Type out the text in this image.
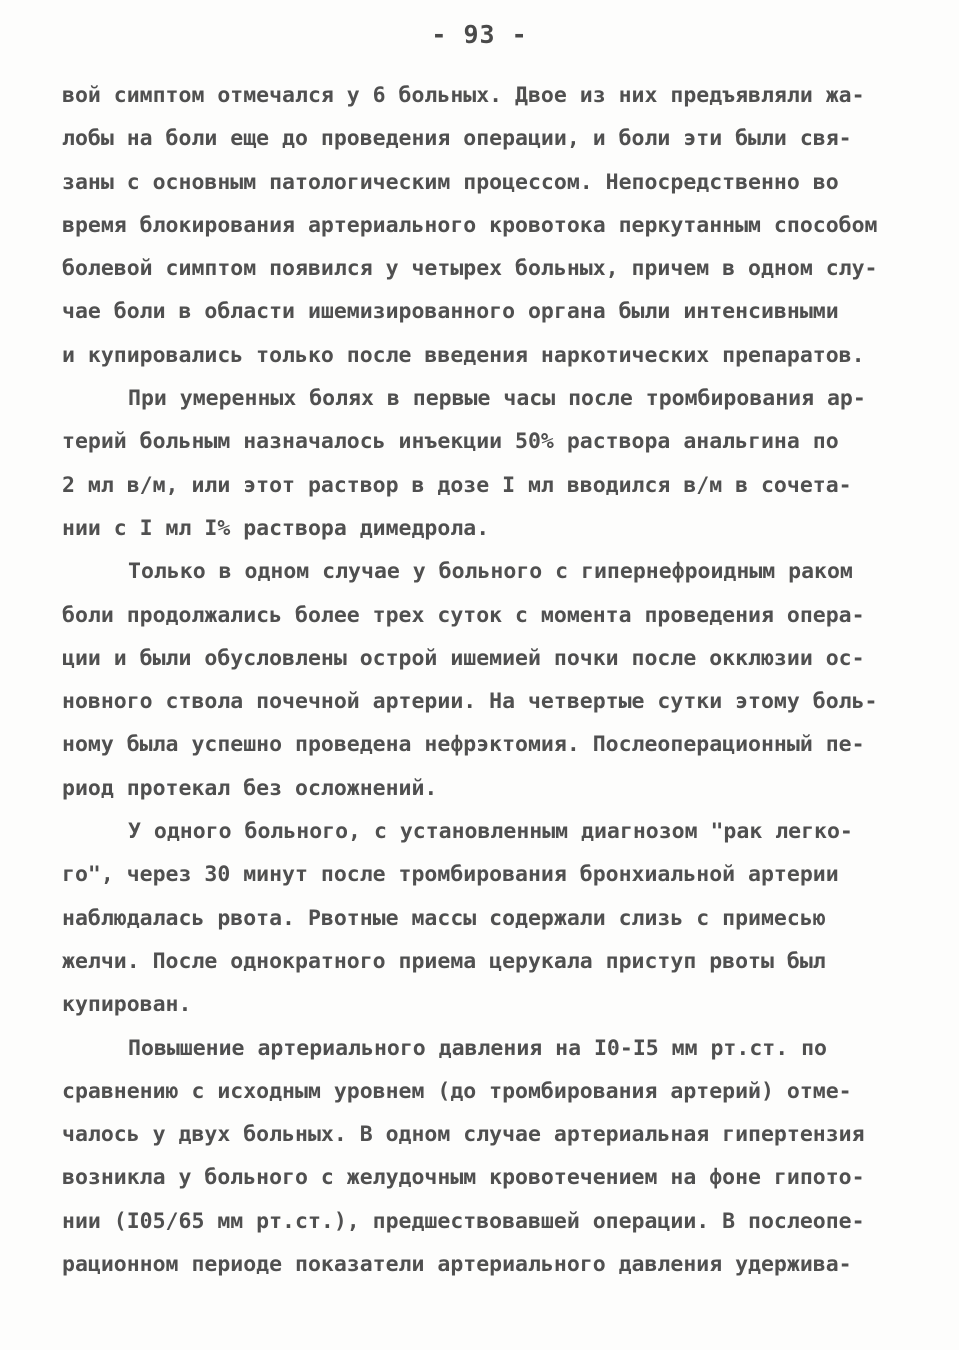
- 93 -
вой симптом отмечался у 6 больных. Двое из них предъявляли жа-
лобы на боли еще до проведения операции, и боли эти были свя-
заны с основным патологическим процессом. Непосредственно во
время блокирования артериального кровотока перкутанным способом
болевой симптом появился у четырех больных, причем в одном слу-
чае боли в области ишемизированного органа были интенсивными
и купировались только после введения наркотических препаратов.
При умеренных болях в первые часы после тромбирования ар-
терий больным назначалось инъекции 50% раствора анальгина по
2 мл в/м, или этот раствор в дозе I мл вводился в/м в сочета-
нии с I мл I% раствора димедрола.
Только в одном случае у больного с гипернефроидным раком
боли продолжались более трех суток с момента проведения опера-
ции и были обусловлены острой ишемией почки после окклюзии ос-
новного ствола почечной артерии. На четвертые сутки этому боль-
ному была успешно проведена нефрэктомия. Послеоперационный пе-
риод протекал без осложнений.
У одного больного, с установленным диагнозом "рак легко-
го", через 30 минут после тромбирования бронхиальной артерии
наблюдалась рвота. Рвотные массы содержали слизь с примесью
желчи. После однократного приема церукала приступ рвоты был
купирован.
Повышение артериального давления на I0-I5 мм рт.ст. по
сравнению с исходным уровнем (до тромбирования артерий) отме-
чалось у двух больных. В одном случае артериальная гипертензия
возникла у больного с желудочным кровотечением на фоне гипото-
нии (I05/65 мм рт.ст.), предшествовавшей операции. В послеопе-
рационном периоде показатели артериального давления удержива-
